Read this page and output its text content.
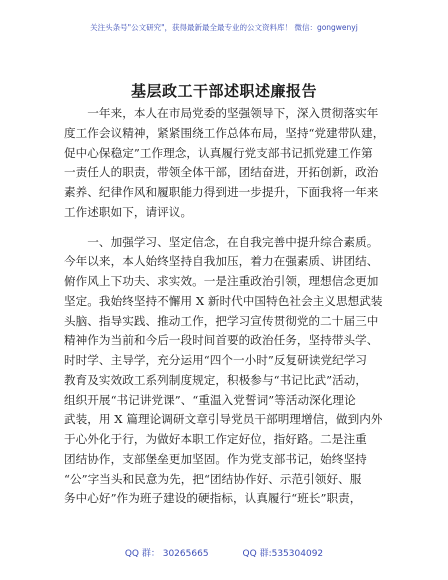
关注头条号"公文研究"，获得最新最全最专业的公文资料库！ 微信：gongwenyj
基层政工干部述职述廉报告
　　一年来，本人在市局党委的坚强领导下，深入贯彻落实年
度工作会议精神，紧紧围绕工作总体布局，坚持“党建带队建，
促中心保稳定”工作理念，认真履行党支部书记抓党建工作第
一责任人的职责，带领全体干部，团结奋进，开拓创新，政治
素养、纪律作风和履职能力得到进一步提升，下面我将一年来
工作述职如下，请评议。
　　一、加强学习、坚定信念，在自我完善中提升综合素质。
今年以来，本人始终坚持自我加压，着力在强素质、讲团结、
俯作风上下功夫、求实效。一是注重政治引领，理想信念更加
坚定。我始终坚持不懈用 X 新时代中国特色社会主义思想武装
头脑、指导实践、推动工作，把学习宣传贯彻党的二十届三中
精神作为当前和今后一段时间首要的政治任务，坚持带头学、
时时学、主导学，充分运用“四个一小时”反复研读党纪学习
教育及实效政工系列制度规定，积极参与“书记比武”活动，
组织开展“书记讲党课”、“重温入党誓词”等活动深化理论
武装，用 X 篇理论调研文章引导党员干部明理增信，做到内外
于心外化于行，为做好本职工作定好位，指好路。二是注重
团结协作，支部堡垒更加坚固。作为党支部书记，始终坚持
“公”字当头和民意为先，把“团结协作好、示范引领好、服
务中心好”作为班子建设的硬指标，认真履行“班长”职责，
QQ 群： 30265665	QQ 群:535304092
